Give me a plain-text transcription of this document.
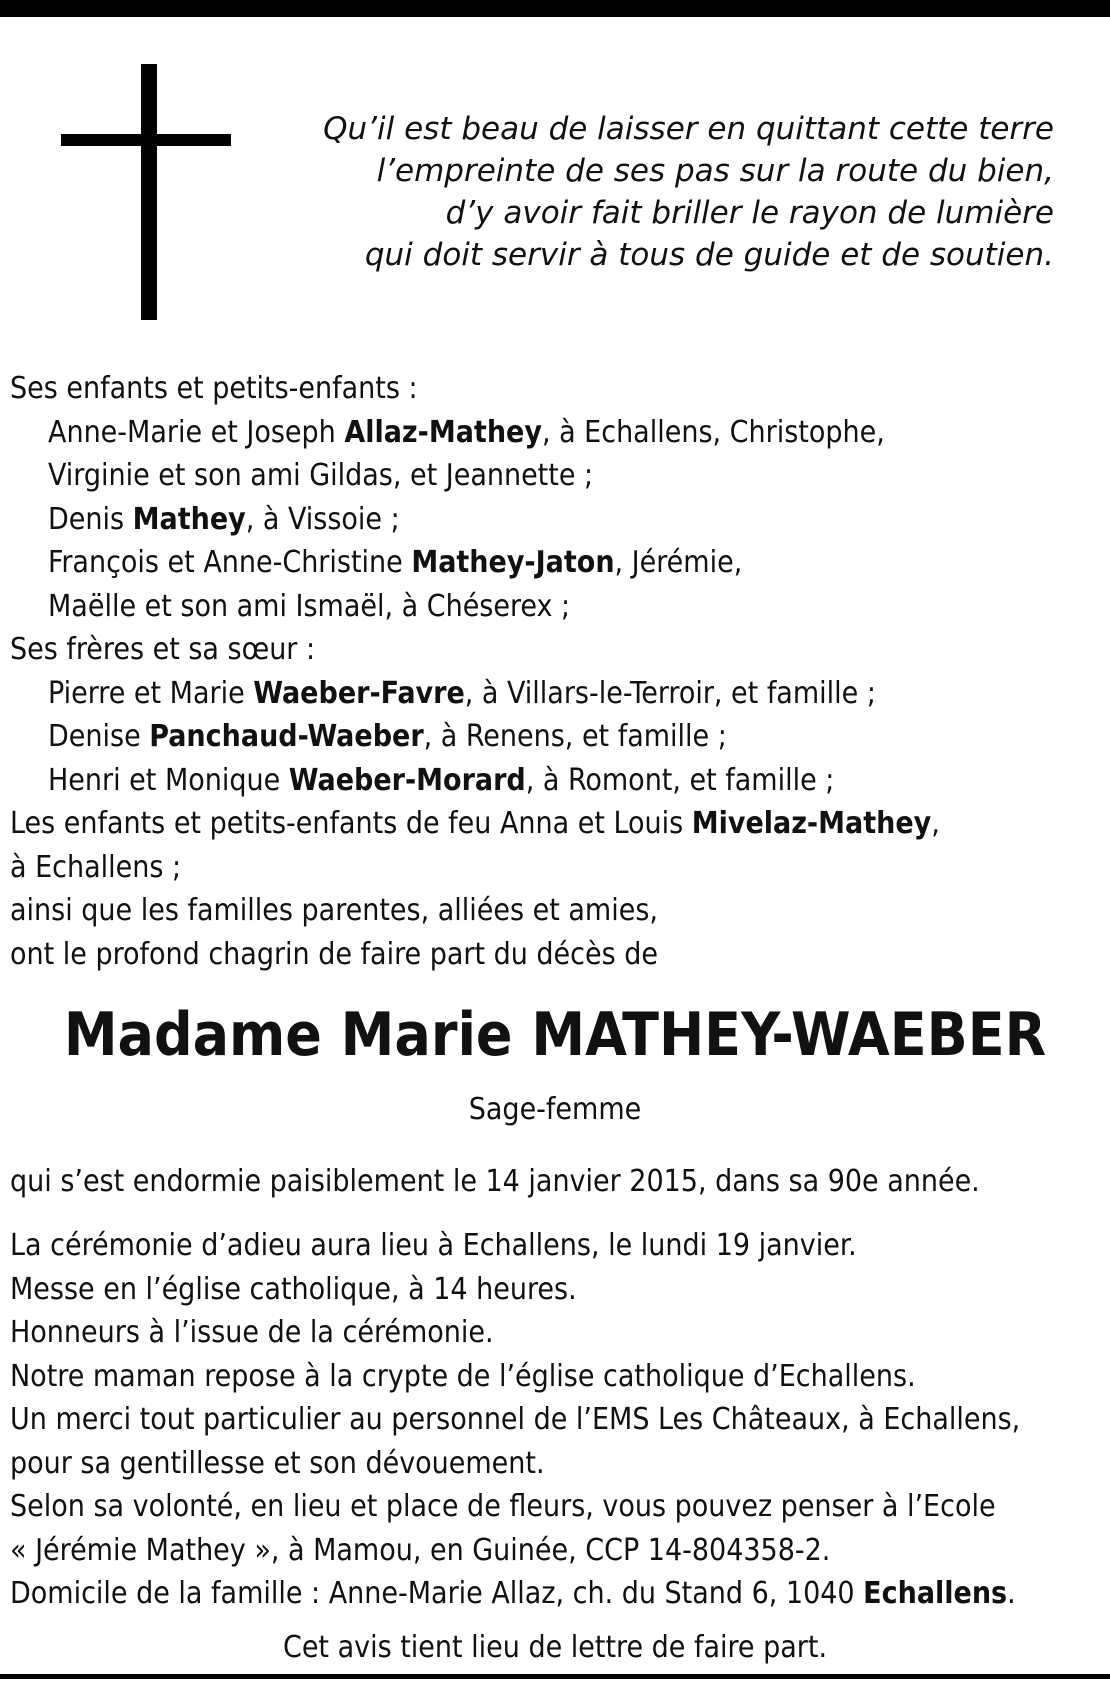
Qu’il est beau de laisser en quittant cette terre
l’empreinte de ses pas sur la route du bien,
d’y avoir fait briller le rayon de lumière
qui doit servir à tous de guide et de soutien.
Ses enfants et petits-enfants :
Anne-Marie et Joseph Allaz-Mathey, à Echallens, Christophe,
Virginie et son ami Gildas, et Jeannette ;
Denis Mathey, à Vissoie ;
François et Anne-Christine Mathey-Jaton, Jérémie,
Maëlle et son ami Ismaël, à Chéserex ;
Ses frères et sa sœur :
Pierre et Marie Waeber-Favre, à Villars-le-Terroir, et famille ;
Denise Panchaud-Waeber, à Renens, et famille ;
Henri et Monique Waeber-Morard, à Romont, et famille ;
Les enfants et petits-enfants de feu Anna et Louis Mivelaz-Mathey,
à Echallens ;
ainsi que les familles parentes, alliées et amies,
ont le profond chagrin de faire part du décès de
Madame Marie MATHEY-WAEBER
Sage-femme
qui s’est endormie paisiblement le 14 janvier 2015, dans sa 90e année.
La cérémonie d’adieu aura lieu à Echallens, le lundi 19 janvier.
Messe en l’église catholique, à 14 heures.
Honneurs à l’issue de la cérémonie.
Notre maman repose à la crypte de l’église catholique d’Echallens.
Un merci tout particulier au personnel de l’EMS Les Châteaux, à Echallens,
pour sa gentillesse et son dévouement.
Selon sa volonté, en lieu et place de fleurs, vous pouvez penser à l’Ecole
« Jérémie Mathey », à Mamou, en Guinée, CCP 14-804358-2.
Domicile de la famille : Anne-Marie Allaz, ch. du Stand 6, 1040 Echallens.
Cet avis tient lieu de lettre de faire part.
